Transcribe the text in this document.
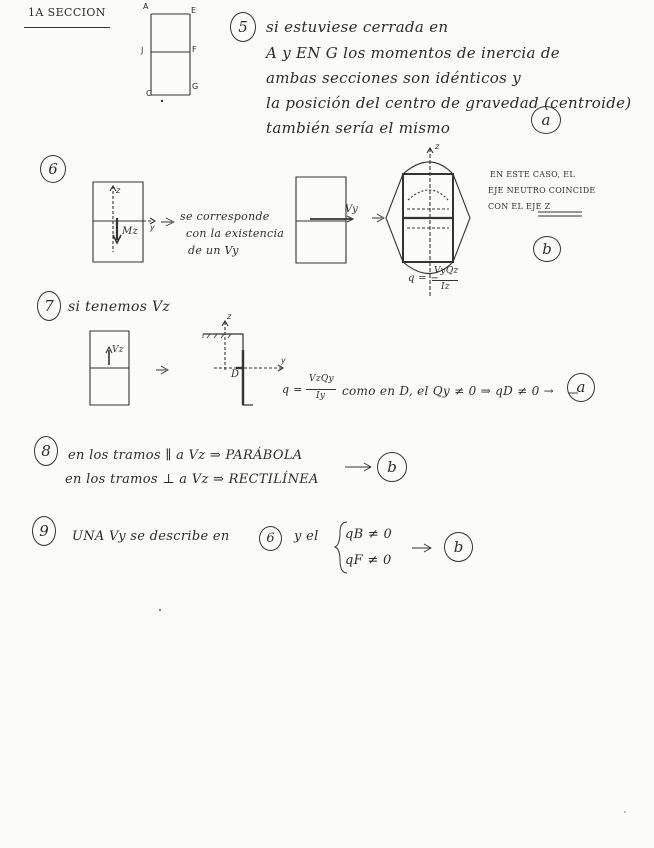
1A SECCION	A	E
J	F
C
G
5 si estuviese cerrada en
A y EN G los momentos de inercia de
ambas secciones son idénticos y
la posición del centro de gravedad (centroide)
también sería el mismo	a
6
z
y
Mz
se corresponde
con la existencia
de un Vy
Vy
z
q = −
VyQz
Iz
EN ESTE CASO, EL
EJE NEUTRO COINCIDE
CON EL EJE Z
b
7 si tenemos Vz
Vz
z
y
D
q = −
VzQy
Iy como en D, el Qy ≠ 0 ⇒ qD ≠ 0 → a
8 en los tramos ∥ a Vz ⇒ PARÁBOLA
en los tramos ⊥ a Vz ⇒ RECTILÍNEA
b
9 UNA Vy se describe en	6 y el qB ≠ 0
qF ≠ 0
b
